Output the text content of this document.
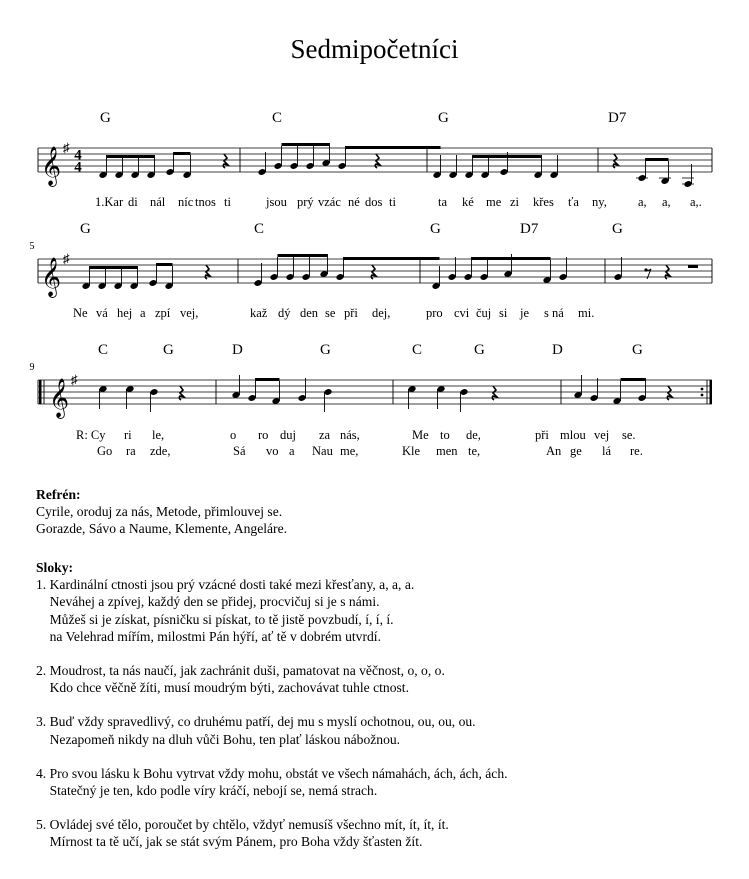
Sedmipočetníci
𝄞
♯ 4
4
G	C	G	D7
1.Kar di nál níc tnos ti	jsou prý vzác né dos ti	ta ké me zi křes ťa ny, a, a, a,.
𝄞
♯
5
G	C	G	D7	G
Ne vá hej a zpí vej,	kaž dý den se při dej,	pro cvi čuj si je s ná mi.
𝄞
♯
9
C	G	D	G	C	G	D	G
R: Cy ri le,	o ro duj za nás,	Me to de,	při mlou vej se.
Go ra zde,	Sá vo a Nau me,	Kle men te,	An ge lá re.
Refrén:
Cyrile, oroduj za nás, Metode, přimlouvej se.
Gorazde, Sávo a Naume, Klemente, Angeláre.
Sloky:
1. Kardinální ctnosti jsou prý vzácné dosti také mezi křesťany, a, a, a.
Neváhej a zpívej, každý den se přidej, procvičuj si je s námi.
Můžeš si je získat, písničku si pískat, to tě jistě povzbudí, í, í, í.
na Velehrad mířím, milostmi Pán hýří, ať tě v dobrém utvrdí.
2. Moudrost, ta nás naučí, jak zachránit duši, pamatovat na věčnost, o, o, o.
Kdo chce věčně žíti, musí moudrým býti, zachovávat tuhle ctnost.
3. Buď vždy spravedlivý, co druhému patří, dej mu s myslí ochotnou, ou, ou, ou.
Nezapomeň nikdy na dluh vůči Bohu, ten plať láskou nábožnou.
4. Pro svou lásku k Bohu vytrvat vždy mohu, obstát ve všech námahách, ách, ách, ách.
Statečný je ten, kdo podle víry kráčí, nebojí se, nemá strach.
5. Ovládej své tělo, poroučet by chtělo, vždyť nemusíš všechno mít, ít, ít, ít.
Mírnost ta tě učí, jak se stát svým Pánem, pro Boha vždy šťasten žít.
